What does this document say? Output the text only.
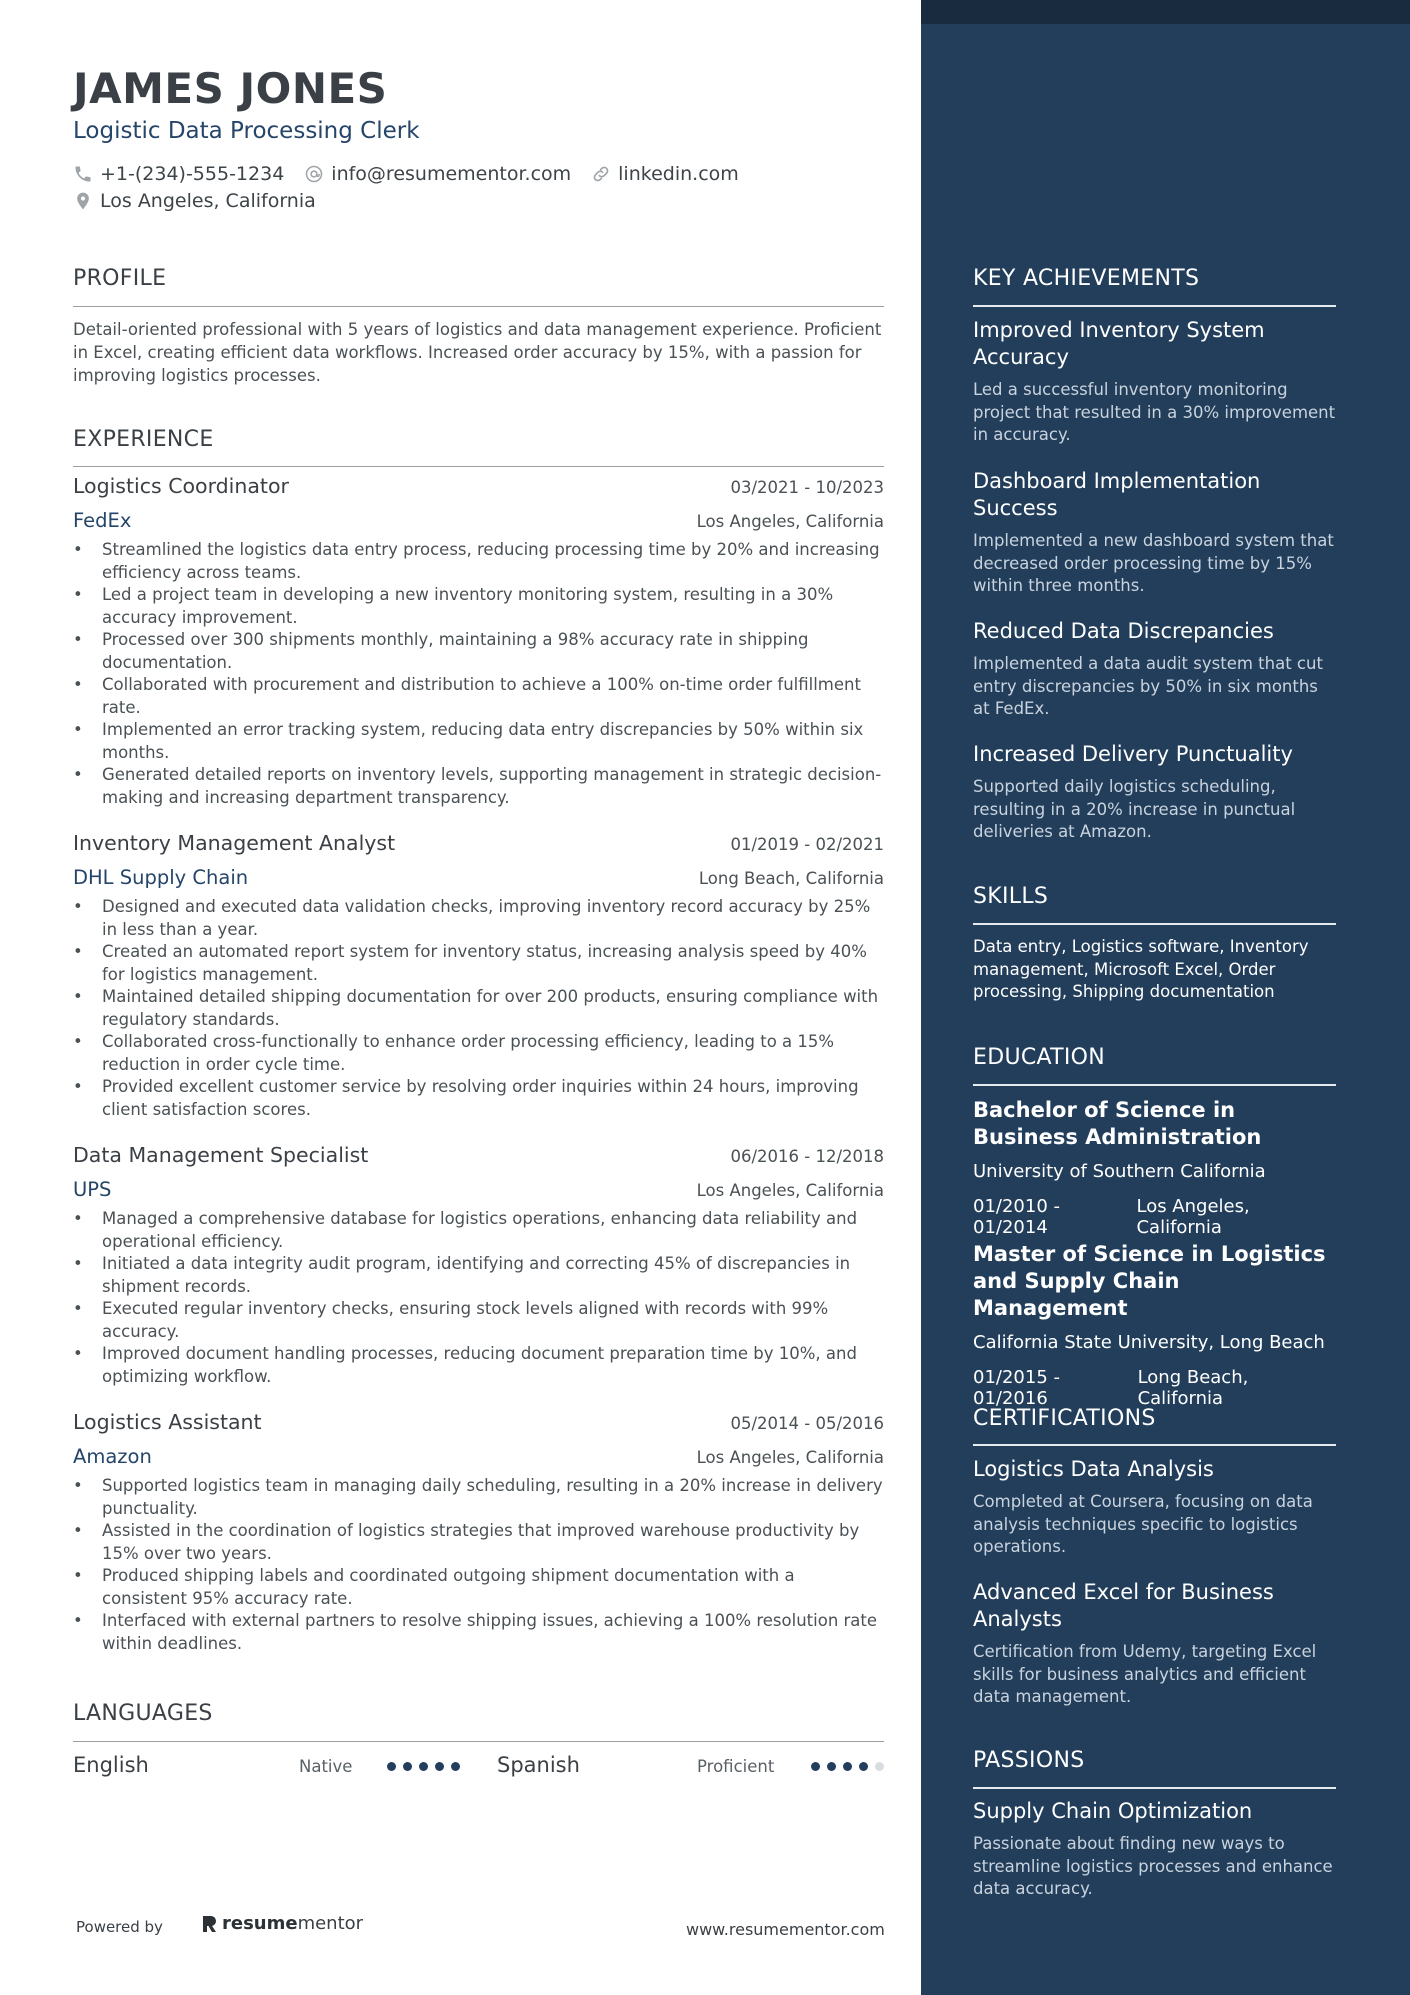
JAMES JONES
Logistic Data Processing Clerk
+1-(234)-555-1234 info@resumementor.com linkedin.com
Los Angeles, California
PROFILE
Detail-oriented professional with 5 years of logistics and data management experience. Proficient in Excel, creating efficient data workflows. Increased order accuracy by 15%, with a passion for improving logistics processes.
EXPERIENCE
Logistics Coordinator	03/2021 - 10/2023
FedEx	Los Angeles, California
• Streamlined the logistics data entry process, reducing processing time by 20% and increasing efficiency across teams.
• Led a project team in developing a new inventory monitoring system, resulting in a 30% accuracy improvement.
• Processed over 300 shipments monthly, maintaining a 98% accuracy rate in shipping documentation.
• Collaborated with procurement and distribution to achieve a 100% on-time order fulfillment rate.
• Implemented an error tracking system, reducing data entry discrepancies by 50% within six months.
• Generated detailed reports on inventory levels, supporting management in strategic decision-making and increasing department transparency.
Inventory Management Analyst	01/2019 - 02/2021
DHL Supply Chain	Long Beach, California
• Designed and executed data validation checks, improving inventory record accuracy by 25% in less than a year.
• Created an automated report system for inventory status, increasing analysis speed by 40% for logistics management.
• Maintained detailed shipping documentation for over 200 products, ensuring compliance with regulatory standards.
• Collaborated cross-functionally to enhance order processing efficiency, leading to a 15% reduction in order cycle time.
• Provided excellent customer service by resolving order inquiries within 24 hours, improving client satisfaction scores.
Data Management Specialist	06/2016 - 12/2018
UPS	Los Angeles, California
• Managed a comprehensive database for logistics operations, enhancing data reliability and operational efficiency.
• Initiated a data integrity audit program, identifying and correcting 45% of discrepancies in shipment records.
• Executed regular inventory checks, ensuring stock levels aligned with records with 99% accuracy.
• Improved document handling processes, reducing document preparation time by 10%, and optimizing workflow.
Logistics Assistant	05/2014 - 05/2016
Amazon	Los Angeles, California
• Supported logistics team in managing daily scheduling, resulting in a 20% increase in delivery punctuality.
• Assisted in the coordination of logistics strategies that improved warehouse productivity by 15% over two years.
• Produced shipping labels and coordinated outgoing shipment documentation with a consistent 95% accuracy rate.
• Interfaced with external partners to resolve shipping issues, achieving a 100% resolution rate within deadlines.
LANGUAGES
English	Native	Spanish	Proficient
Powered by	resume mentor	www.resumementor.com
KEY ACHIEVEMENTS
Improved Inventory System Accuracy
Led a successful inventory monitoring project that resulted in a 30% improvement in accuracy.
Dashboard Implementation Success
Implemented a new dashboard system that decreased order processing time by 15% within three months.
Reduced Data Discrepancies
Implemented a data audit system that cut entry discrepancies by 50% in six months at FedEx.
Increased Delivery Punctuality
Supported daily logistics scheduling, resulting in a 20% increase in punctual deliveries at Amazon.
SKILLS
Data entry, Logistics software, Inventory management, Microsoft Excel, Order processing, Shipping documentation
EDUCATION
Bachelor of Science in Business Administration
University of Southern California
01/2010 - 01/2014
Los Angeles, California
Master of Science in Logistics and Supply Chain Management
California State University, Long Beach
01/2015 - 01/2016
Long Beach, California
CERTIFICATIONS
Logistics Data Analysis
Completed at Coursera, focusing on data analysis techniques specific to logistics operations.
Advanced Excel for Business Analysts
Certification from Udemy, targeting Excel skills for business analytics and efficient data management.
PASSIONS
Supply Chain Optimization
Passionate about finding new ways to streamline logistics processes and enhance data accuracy.
